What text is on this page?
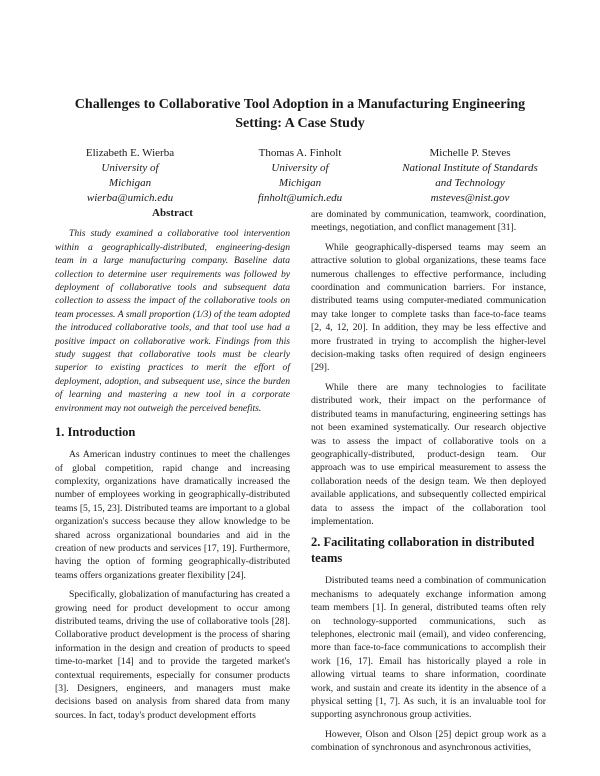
Challenges to Collaborative Tool Adoption in a Manufacturing Engineering Setting: A Case Study
Elizabeth E. Wierba
University of
Michigan
wierba@umich.edu
Thomas A. Finholt
University of
Michigan
finholt@umich.edu
Michelle P. Steves
National Institute of Standards
and Technology
msteves@nist.gov
Abstract

This study examined a collaborative tool intervention within a geographically-distributed, engineering-design team in a large manufacturing company. Baseline data collection to determine user requirements was followed by deployment of collaborative tools and subsequent data collection to assess the impact of the collaborative tools on team processes. A small proportion (1/3) of the team adopted the introduced collaborative tools, and that tool use had a positive impact on collaborative work. Findings from this study suggest that collaborative tools must be clearly superior to existing practices to merit the effort of deployment, adoption, and subsequent use, since the burden of learning and mastering a new tool in a corporate environment may not outweigh the perceived benefits.

1. Introduction

As American industry continues to meet the challenges of global competition, rapid change and increasing complexity, organizations have dramatically increased the number of employees working in geographically-distributed teams [5, 15, 23]. Distributed teams are important to a global organization's success because they allow knowledge to be shared across organizational boundaries and aid in the creation of new products and services [17, 19]. Furthermore, having the option of forming geographically-distributed teams offers organizations greater flexibility [24].

Specifically, globalization of manufacturing has created a growing need for product development to occur among distributed teams, driving the use of collaborative tools [28]. Collaborative product development is the process of sharing information in the design and creation of products to speed time-to-market [14] and to provide the targeted market's contextual requirements, especially for consumer products [3]. Designers, engineers, and managers must make decisions based on analysis from shared data from many sources. In fact, today's product development efforts

are dominated by communication, teamwork, coordination, meetings, negotiation, and conflict management [31].

While geographically-dispersed teams may seem an attractive solution to global organizations, these teams face numerous challenges to effective performance, including coordination and communication barriers. For instance, distributed teams using computer-mediated communication may take longer to complete tasks than face-to-face teams [2, 4, 12, 20]. In addition, they may be less effective and more frustrated in trying to accomplish the higher-level decision-making tasks often required of design engineers [29].

While there are many technologies to facilitate distributed work, their impact on the performance of distributed teams in manufacturing, engineering settings has not been examined systematically. Our research objective was to assess the impact of collaborative tools on a geographically-distributed, product-design team. Our approach was to use empirical measurement to assess the collaboration needs of the design team. We then deployed available applications, and subsequently collected empirical data to assess the impact of the collaboration tool implementation.

2. Facilitating collaboration in distributed teams

Distributed teams need a combination of communication mechanisms to adequately exchange information among team members [1]. In general, distributed teams often rely on technology-supported communications, such as telephones, electronic mail (email), and video conferencing, more than face-to-face communications to accomplish their work [16, 17]. Email has historically played a role in allowing virtual teams to share information, coordinate work, and sustain and create its identity in the absence of a physical setting [1, 7]. As such, it is an invaluable tool for supporting asynchronous group activities.

However, Olson and Olson [25] depict group work as a combination of synchronous and asynchronous activities,
